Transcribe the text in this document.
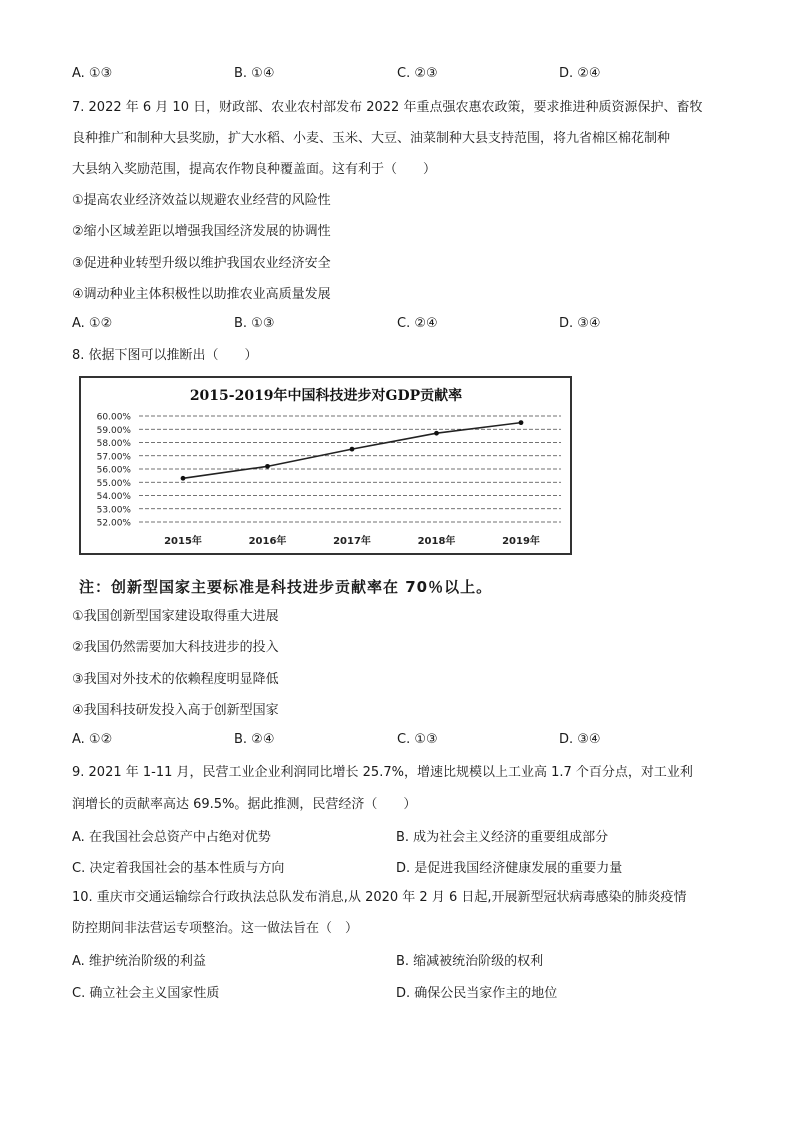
A. ①③	B. ①④	C. ②③	D. ②④
7. 2022 年 6 月 10 日，财政部、农业农村部发布 2022 年重点强农惠农政策，要求推进种质资源保护、畜牧
良种推广和制种大县奖励，扩大水稻、小麦、玉米、大豆、油菜制种大县支持范围，将九省棉区棉花制种
大县纳入奖励范围，提高农作物良种覆盖面。这有利于（　　）
①提高农业经济效益以规避农业经营的风险性
②缩小区域差距以增强我国经济发展的协调性
③促进种业转型升级以维护我国农业经济安全
④调动种业主体积极性以助推农业高质量发展
A. ①②	B. ①③	C. ②④	D. ③④
8. 依据下图可以推断出（　　）
2015-2019年中国科技进步对GDP贡献率
52.00%
53.00%
54.00%
55.00%
56.00%
57.00%
58.00%
59.00%
60.00%
2015年	2016年	2017年	2018年	2019年
注：创新型国家主要标准是科技进步贡献率在 70％以上。
①我国创新型国家建设取得重大进展
②我国仍然需要加大科技进步的投入
③我国对外技术的依赖程度明显降低
④我国科技研发投入高于创新型国家
A. ①②	B. ②④	C. ①③	D. ③④
9. 2021 年 1-11 月，民营工业企业利润同比增长 25.7%，增速比规模以上工业高 1.7 个百分点，对工业利
润增长的贡献率高达 69.5%。据此推测，民营经济（　　）
A. 在我国社会总资产中占绝对优势	B. 成为社会主义经济的重要组成部分
C. 决定着我国社会的基本性质与方向	D. 是促进我国经济健康发展的重要力量
10. 重庆市交通运输综合行政执法总队发布消息,从 2020 年 2 月 6 日起,开展新型冠状病毒感染的肺炎疫情
防控期间非法营运专项整治。这一做法旨在（　）
A. 维护统治阶级的利益	B. 缩减被统治阶级的权利
C. 确立社会主义国家性质	D. 确保公民当家作主的地位
